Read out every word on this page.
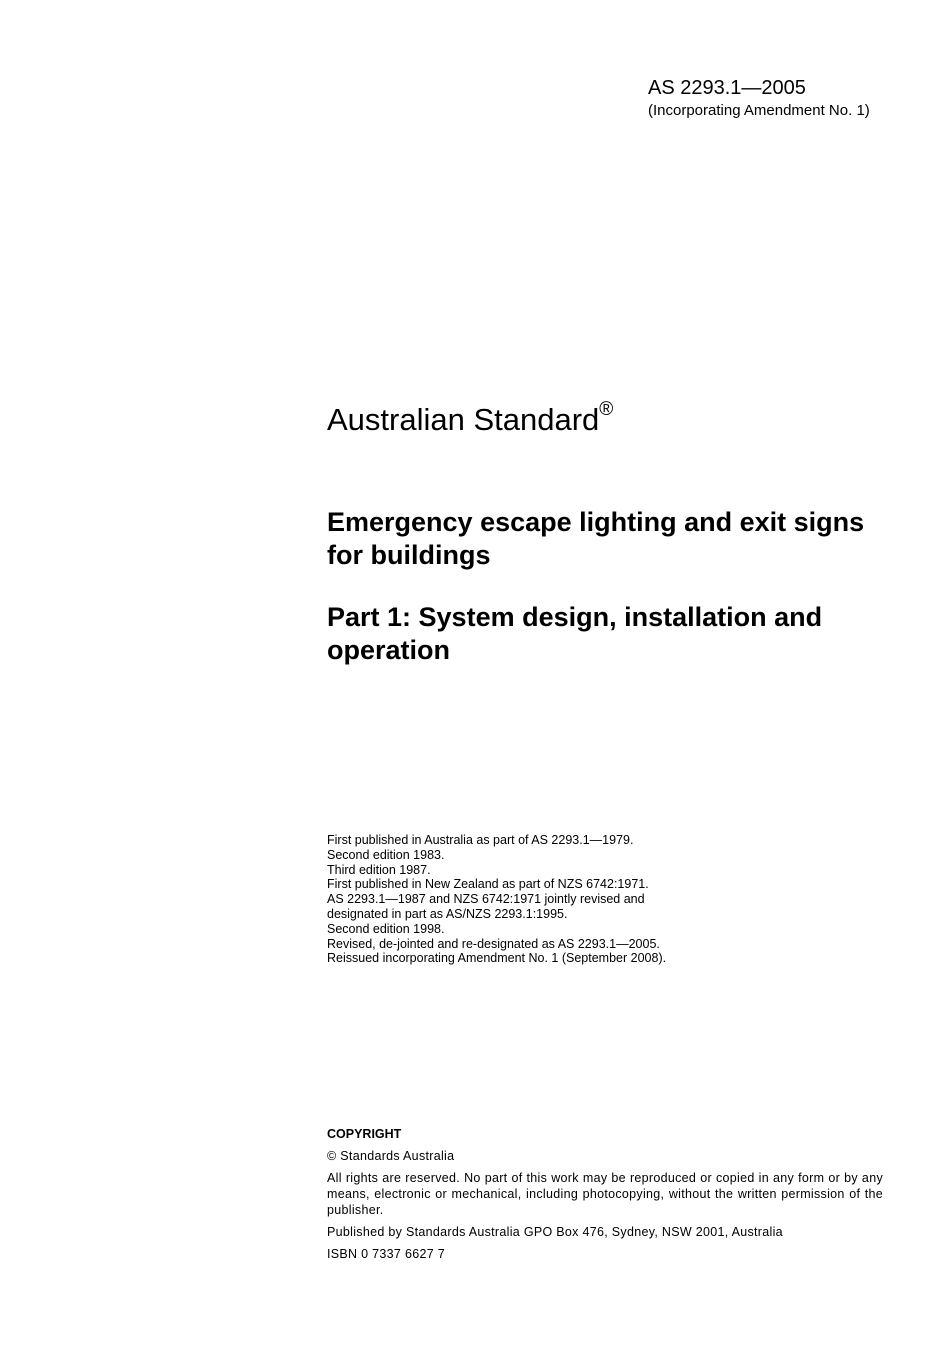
AS 2293.1—2005
(Incorporating Amendment No. 1)
Australian Standard®
Emergency escape lighting and exit signs for buildings
Part 1: System design, installation and operation
First published in Australia as part of AS 2293.1—1979.
Second edition 1983.
Third edition 1987.
First published in New Zealand as part of NZS 6742:1971.
AS 2293.1—1987 and NZS 6742:1971 jointly revised and
designated in part as AS/NZS 2293.1:1995.
Second edition 1998.
Revised, de-jointed and re-designated as AS 2293.1—2005.
Reissued incorporating Amendment No. 1 (September 2008).
COPYRIGHT
© Standards Australia
All rights are reserved. No part of this work may be reproduced or copied in any form or by any means, electronic or mechanical, including photocopying, without the written permission of the publisher.
Published by Standards Australia GPO Box 476, Sydney, NSW 2001, Australia
ISBN 0 7337 6627 7
